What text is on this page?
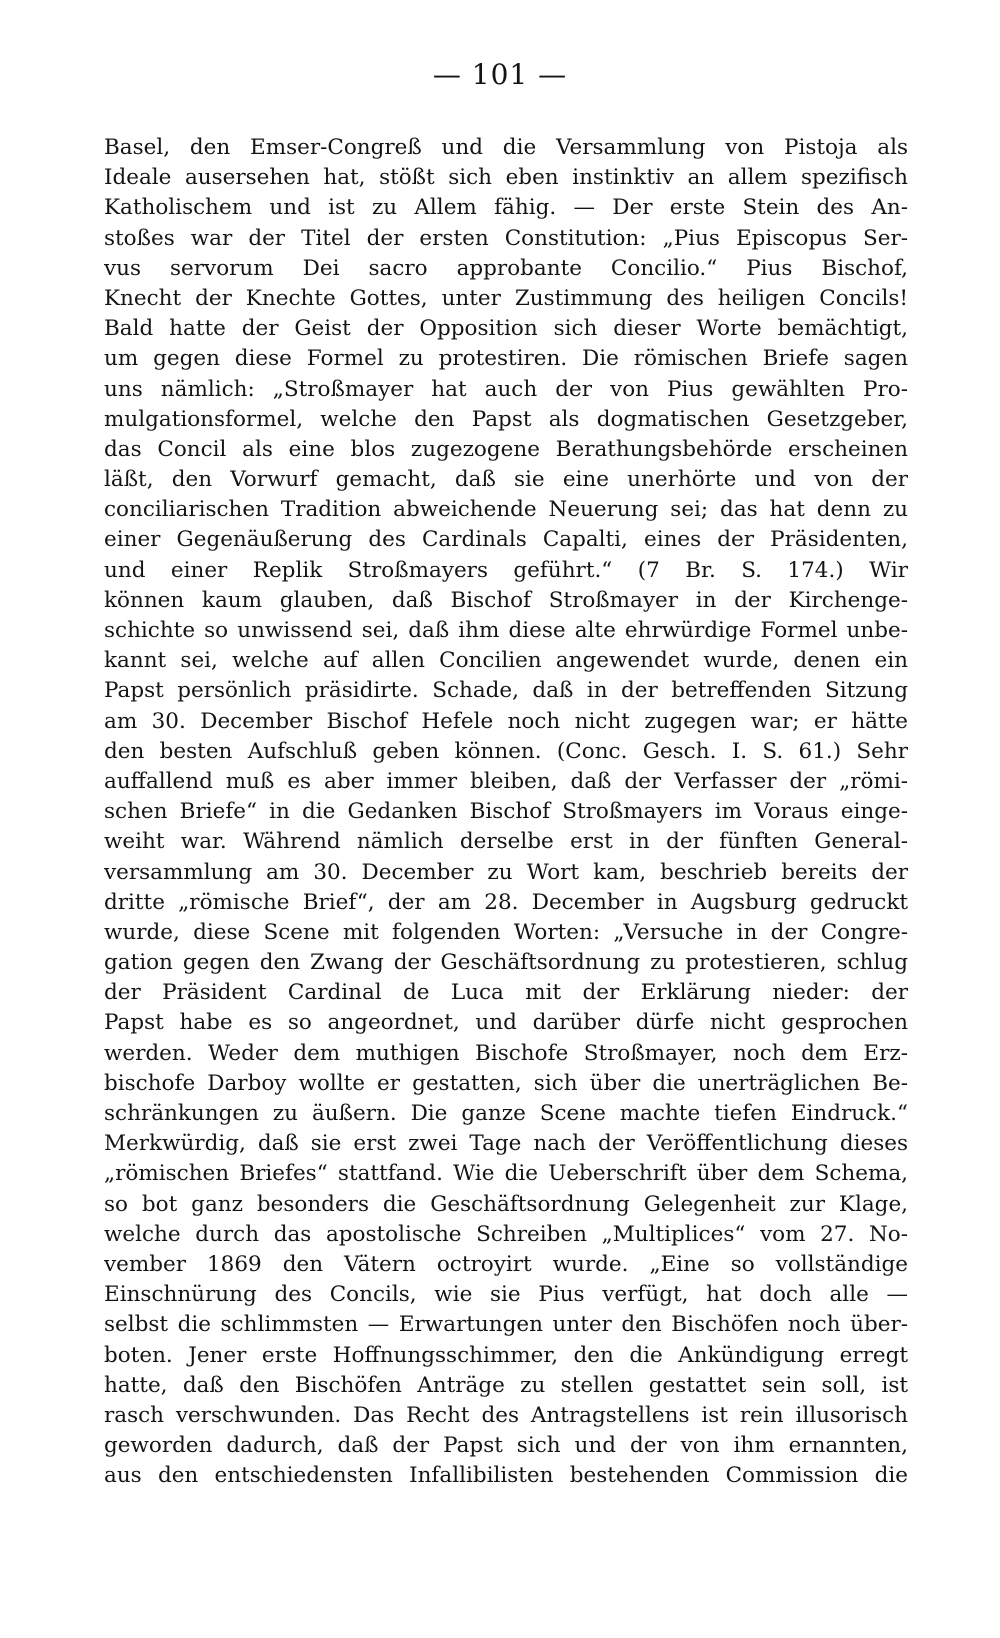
— 101 —
Basel, den Emser-Congreß und die Versammlung von Pistoja als
Ideale ausersehen hat, stößt sich eben instinktiv an allem spezifisch
Katholischem und ist zu Allem fähig. — Der erste Stein des An-
stoßes war der Titel der ersten Constitution: „Pius Episcopus Ser-
vus servorum Dei sacro approbante Concilio.“ Pius Bischof,
Knecht der Knechte Gottes, unter Zustimmung des heiligen Concils!
Bald hatte der Geist der Opposition sich dieser Worte bemächtigt,
um gegen diese Formel zu protestiren. Die römischen Briefe sagen
uns nämlich: „Stroßmayer hat auch der von Pius gewählten Pro-
mulgationsformel, welche den Papst als dogmatischen Gesetzgeber,
das Concil als eine blos zugezogene Berathungsbehörde erscheinen
läßt, den Vorwurf gemacht, daß sie eine unerhörte und von der
conciliarischen Tradition abweichende Neuerung sei; das hat denn zu
einer Gegenäußerung des Cardinals Capalti, eines der Präsidenten,
und einer Replik Stroßmayers geführt.“ (7 Br. S. 174.) Wir
können kaum glauben, daß Bischof Stroßmayer in der Kirchenge-
schichte so unwissend sei, daß ihm diese alte ehrwürdige Formel unbe-
kannt sei, welche auf allen Concilien angewendet wurde, denen ein
Papst persönlich präsidirte. Schade, daß in der betreffenden Sitzung
am 30. December Bischof Hefele noch nicht zugegen war; er hätte
den besten Aufschluß geben können. (Conc. Gesch. I. S. 61.) Sehr
auffallend muß es aber immer bleiben, daß der Verfasser der „römi-
schen Briefe“ in die Gedanken Bischof Stroßmayers im Voraus einge-
weiht war. Während nämlich derselbe erst in der fünften General-
versammlung am 30. December zu Wort kam, beschrieb bereits der
dritte „römische Brief“, der am 28. December in Augsburg gedruckt
wurde, diese Scene mit folgenden Worten: „Versuche in der Congre-
gation gegen den Zwang der Geschäftsordnung zu protestieren, schlug
der Präsident Cardinal de Luca mit der Erklärung nieder: der
Papst habe es so angeordnet, und darüber dürfe nicht gesprochen
werden. Weder dem muthigen Bischofe Stroßmayer, noch dem Erz-
bischofe Darboy wollte er gestatten, sich über die unerträglichen Be-
schränkungen zu äußern. Die ganze Scene machte tiefen Eindruck.“
Merkwürdig, daß sie erst zwei Tage nach der Veröffentlichung dieses
„römischen Briefes“ stattfand. Wie die Ueberschrift über dem Schema,
so bot ganz besonders die Geschäftsordnung Gelegenheit zur Klage,
welche durch das apostolische Schreiben „Multiplices“ vom 27. No-
vember 1869 den Vätern octroyirt wurde. „Eine so vollständige
Einschnürung des Concils, wie sie Pius verfügt, hat doch alle —
selbst die schlimmsten — Erwartungen unter den Bischöfen noch über-
boten. Jener erste Hoffnungsschimmer, den die Ankündigung erregt
hatte, daß den Bischöfen Anträge zu stellen gestattet sein soll, ist
rasch verschwunden. Das Recht des Antragstellens ist rein illusorisch
geworden dadurch, daß der Papst sich und der von ihm ernannten,
aus den entschiedensten Infallibilisten bestehenden Commission die
